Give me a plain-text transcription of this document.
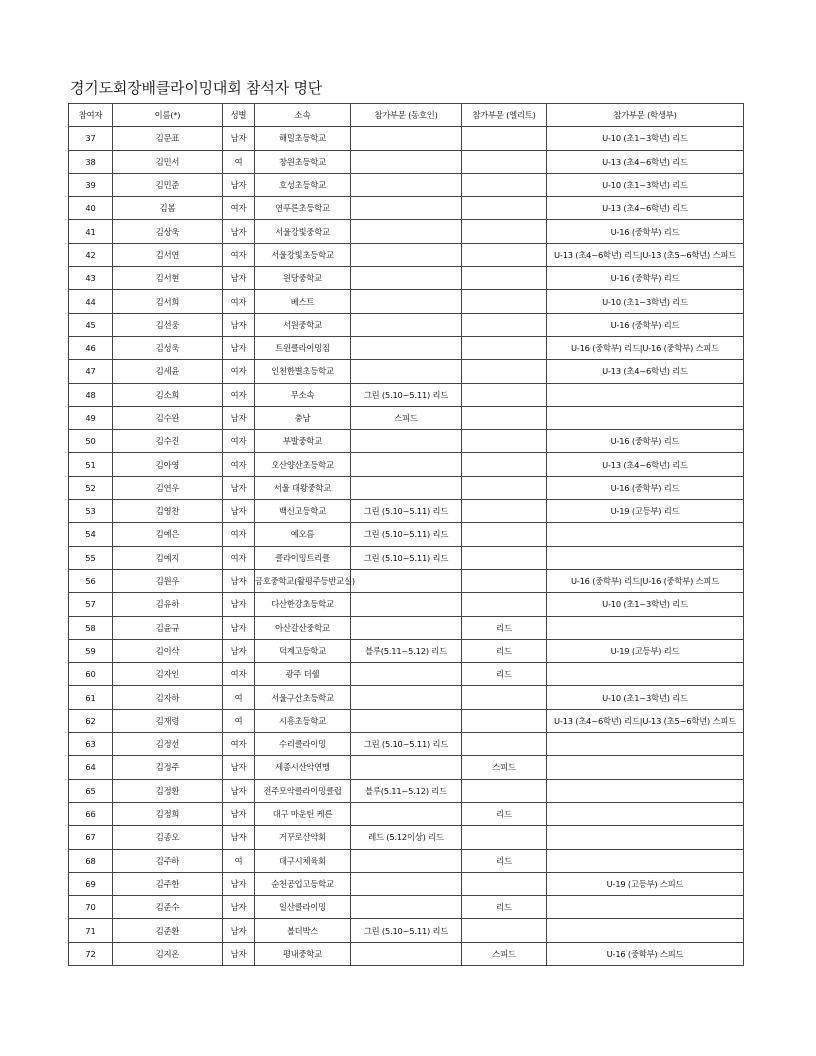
경기도회장배클라이밍대회 참석자 명단
참여자	이름(*)	성별	소속	참가부문 (동호인)	참가부문 (엘리트)	참가부문 (학생부)
37	김문표	남자	해밀초등학교			U-10 (초1~3학년) 리드
38	김민서	여	창원초등학교			U-13 (초4~6학년) 리드
39	김민준	남자	호성초등학교			U-10 (초1~3학년) 리드
40	김봄	여자	연푸른초등학교			U-13 (초4~6학년) 리드
41	김상욱	남자	서울강빛중학교			U-16 (중학부) 리드
42	김서연	여자	서울강빛초등학교			U-13 (초4~6학년) 리드|U-13 (초5~6학년) 스피드
43	김서현	남자	원당중학교			U-16 (중학부) 리드
44	김서희	여자	베스트			U-10 (초1~3학년) 리드
45	김선웅	남자	서원중학교			U-16 (중학부) 리드
46	김성욱	남자	트윈클라이밍짐			U-16 (중학부) 리드|U-16 (중학부) 스피드
47	김세윤	여자	인천한별초등학교			U-13 (초4~6학년) 리드
48	김소희	여자	무소속	그린 (5.10~5.11) 리드		
49	김수완	남자	충남	스피드		
50	김수진	여자	부발중학교			U-16 (중학부) 리드
51	김아영	여자	오산양산초등학교			U-13 (초4~6학년) 리드
52	김연우	남자	서울 대왕중학교			U-16 (중학부) 리드
53	김영찬	남자	백신고등학교	그린 (5.10~5.11) 리드		U-19 (고등부) 리드
54	김예은	여자	예오름	그린 (5.10~5.11) 리드		
55	김예지	여자	클라이밍트리클	그린 (5.10~5.11) 리드		
56	김원우	남자	금호중학교(활평주등반교실)			U-16 (중학부) 리드|U-16 (중학부) 스피드
57	김유하	남자	다산한강초등학교			U-10 (초1~3학년) 리드
58	김윤규	남자	아산갈산중학교		리드	
59	김이삭	남자	덕계고등학교	블루(5.11~5.12) 리드	리드	U-19 (고등부) 리드
60	김자인	여자	광주 더쉘		리드	
61	김자하	여	서울구산초등학교			U-10 (초1~3학년) 리드
62	김재령	여	시흥초등학교			U-13 (초4~6학년) 리드|U-13 (초5~6학년) 스피드
63	김정선	여자	수리클라이밍	그린 (5.10~5.11) 리드		
64	김정주	남자	세종시산악연맹		스피드	
65	김정환	남자	전주모악클라이밍클럽	블루(5.11~5.12) 리드		
66	김정희	남자	대구 마운틴 케른		리드	
67	김종오	남자	거꾸로산악회	레드 (5.12이상) 리드		
68	김주하	여	대구시체육회		리드	
69	김주한	남자	순천공업고등학교			U-19 (고등부) 스피드
70	김준수	남자	일산클라이밍		리드	
71	김준환	남자	볼더박스	그린 (5.10~5.11) 리드		
72	김지온	남자	평내중학교		스피드	U-16 (중학부) 스피드
